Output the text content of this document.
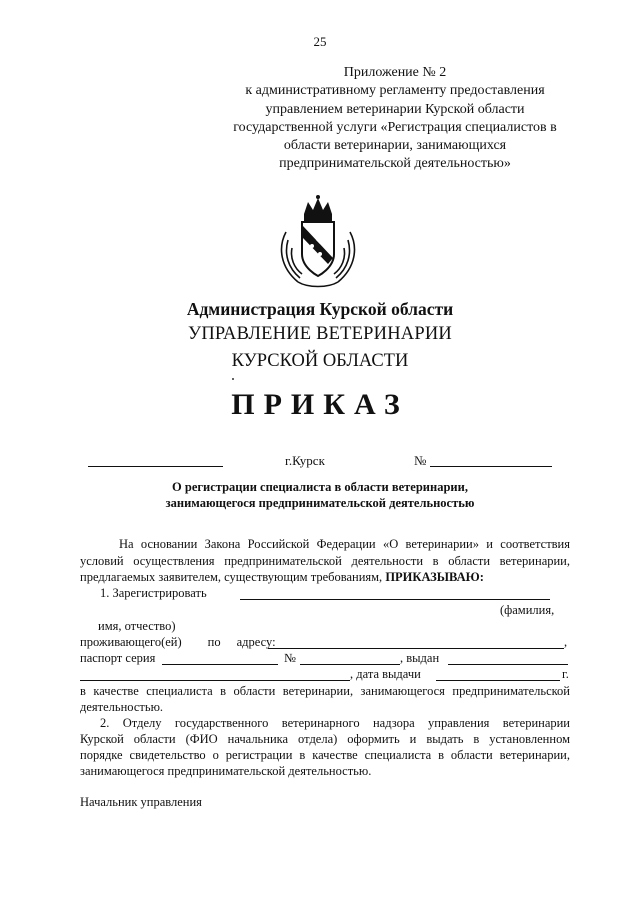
25
Приложение № 2
к административному регламенту предоставления
управлением ветеринарии Курской области
государственной услуги «Регистрация специалистов в
области ветеринарии, занимающихся
предпринимательской деятельностью»
Администрация Курской области
УПРАВЛЕНИЕ ВЕТЕРИНАРИИ
КУРСКОЙ ОБЛАСТИ
ПРИКАЗ
г.Курск	№
О регистрации специалиста в области ветеринарии,
занимающегося предпринимательской деятельностью
На основании Закона Российской Федерации «О ветеринарии» и соответствия
условий осуществления предпринимательской деятельности в области ветеринарии,
предлагаемых заявителем, существующим требованиям, ПРИКАЗЫВАЮ:
1. Зарегистрировать
(фамилия,
имя, отчество)
проживающего(ей) по адресу:	,
паспорт серия	№	, выдан
, дата выдачи	г.
в качестве специалиста в области ветеринарии, занимающегося предпринимательской
деятельностью.
2. Отделу государственного ветеринарного надзора управления ветеринарии
Курской области (ФИО начальника отдела) оформить и выдать в установленном
порядке свидетельство о регистрации в качестве специалиста в области ветеринарии,
занимающегося предпринимательской деятельностью.
Начальник управления
